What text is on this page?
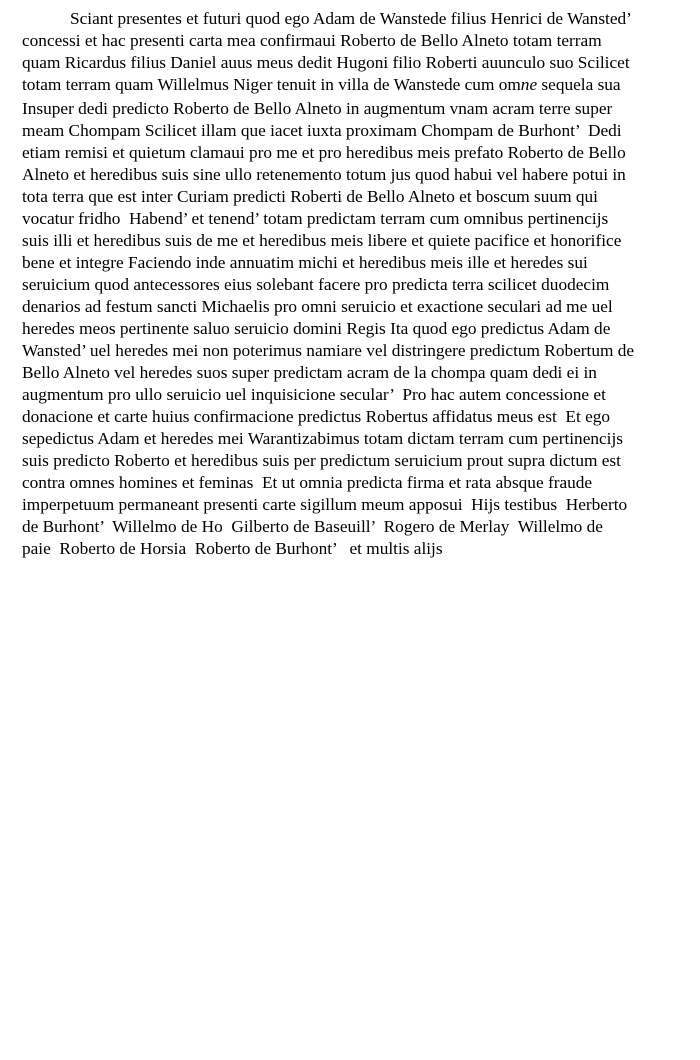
Sciant presentes et futuri quod ego Adam de Wanstede filius Henrici de Wansted’

concessi et hac presenti carta mea confirmaui Roberto de Bello Alneto totam terram

quam Ricardus filius Daniel auus meus dedit Hugoni filio Roberti auunculo suo Scilicet

totam terram quam Willelmus Niger tenuit in villa de Wanstede cum omne sequela sua

Insuper dedi predicto Roberto de Bello Alneto in augmentum vnam acram terre super

meam Chompam Scilicet illam que iacet iuxta proximam Chompam de Burhont’  Dedi

etiam remisi et quietum clamaui pro me et pro heredibus meis prefato Roberto de Bello

Alneto et heredibus suis sine ullo retenemento totum jus quod habui vel habere potui in

tota terra que est inter Curiam predicti Roberti de Bello Alneto et boscum suum qui

vocatur fridho  Habend’ et tenend’ totam predictam terram cum omnibus pertinencijs

suis illi et heredibus suis de me et heredibus meis libere et quiete pacifice et honorifice

bene et integre Faciendo inde annuatim michi et heredibus meis ille et heredes sui

seruicium quod antecessores eius solebant facere pro predicta terra scilicet duodecim

denarios ad festum sancti Michaelis pro omni seruicio et exactione seculari ad me uel

heredes meos pertinente saluo seruicio domini Regis Ita quod ego predictus Adam de

Wansted’ uel heredes mei non poterimus namiare vel distringere predictum Robertum de

Bello Alneto vel heredes suos super predictam acram de la chompa quam dedi ei in

augmentum pro ullo seruicio uel inquisicione secular’  Pro hac autem concessione et

donacione et carte huius confirmacione predictus Robertus affidatus meus est  Et ego

sepedictus Adam et heredes mei Warantizabimus totam dictam terram cum pertinencijs

suis predicto Roberto et heredibus suis per predictum seruicium prout supra dictum est

contra omnes homines et feminas  Et ut omnia predicta firma et rata absque fraude

imperpetuum permaneant presenti carte sigillum meum apposui  Hijs testibus  Herberto

de Burhont’  Willelmo de Ho  Gilberto de Baseuill’  Rogero de Merlay  Willelmo de

paie  Roberto de Horsia  Roberto de Burhont’   et multis alijs
